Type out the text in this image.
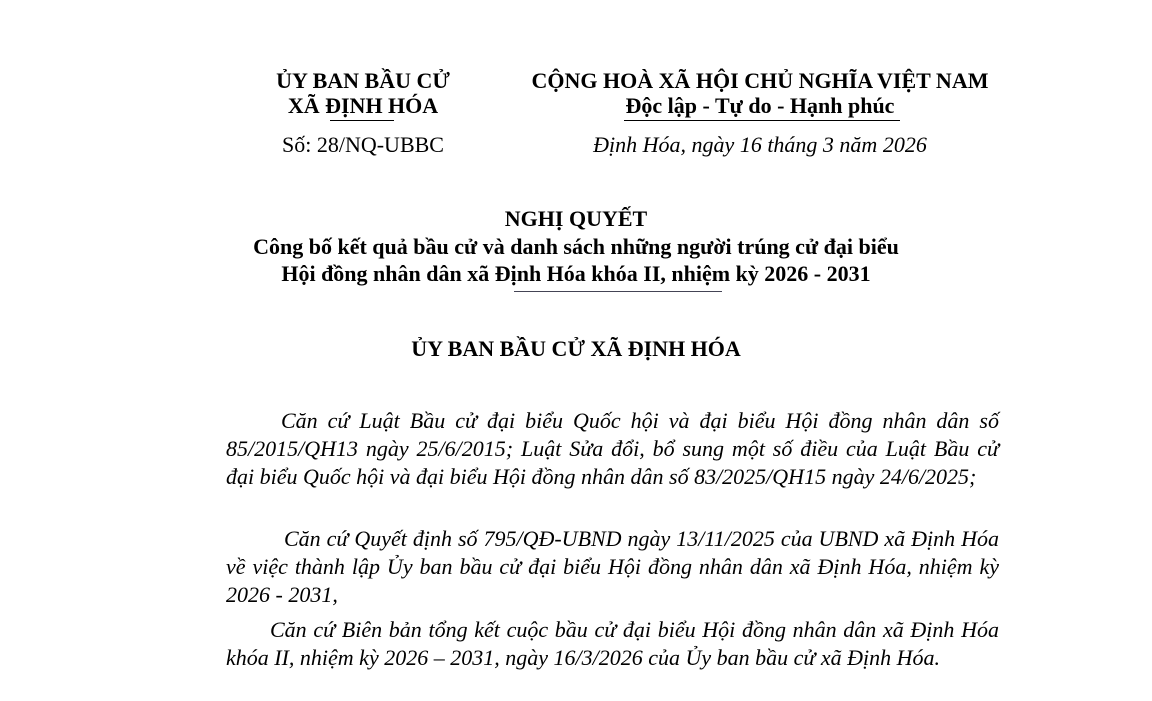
ỦY BAN BẦU CỬ
XÃ ĐỊNH HÓA
Số: 28/NQ-UBBC
CỘNG HOÀ XÃ HỘI CHỦ NGHĨA VIỆT NAM
Độc lập - Tự do - Hạnh phúc
Định Hóa, ngày 16 tháng 3 năm 2026
NGHỊ QUYẾT
Công bố kết quả bầu cử và danh sách những người trúng cử đại biểu
Hội đồng nhân dân xã Định Hóa khóa II, nhiệm kỳ 2026 - 2031
ỦY BAN BẦU CỬ XÃ ĐỊNH HÓA
Căn cứ Luật Bầu cử đại biểu Quốc hội và đại biểu Hội đồng nhân dân số 85/2015/QH13 ngày 25/6/2015; Luật Sửa đổi, bổ sung một số điều của Luật Bầu cử đại biểu Quốc hội và đại biểu Hội đồng nhân dân số 83/2025/QH15 ngày 24/6/2025;
Căn cứ Quyết định số 795/QĐ-UBND ngày 13/11/2025 của UBND xã Định Hóa về việc thành lập Ủy ban bầu cử đại biểu Hội đồng nhân dân xã Định Hóa, nhiệm kỳ 2026 - 2031,
Căn cứ Biên bản tổng kết cuộc bầu cử đại biểu Hội đồng nhân dân xã Định Hóa khóa II, nhiệm kỳ 2026 – 2031, ngày 16/3/2026 của Ủy ban bầu cử xã Định Hóa.
